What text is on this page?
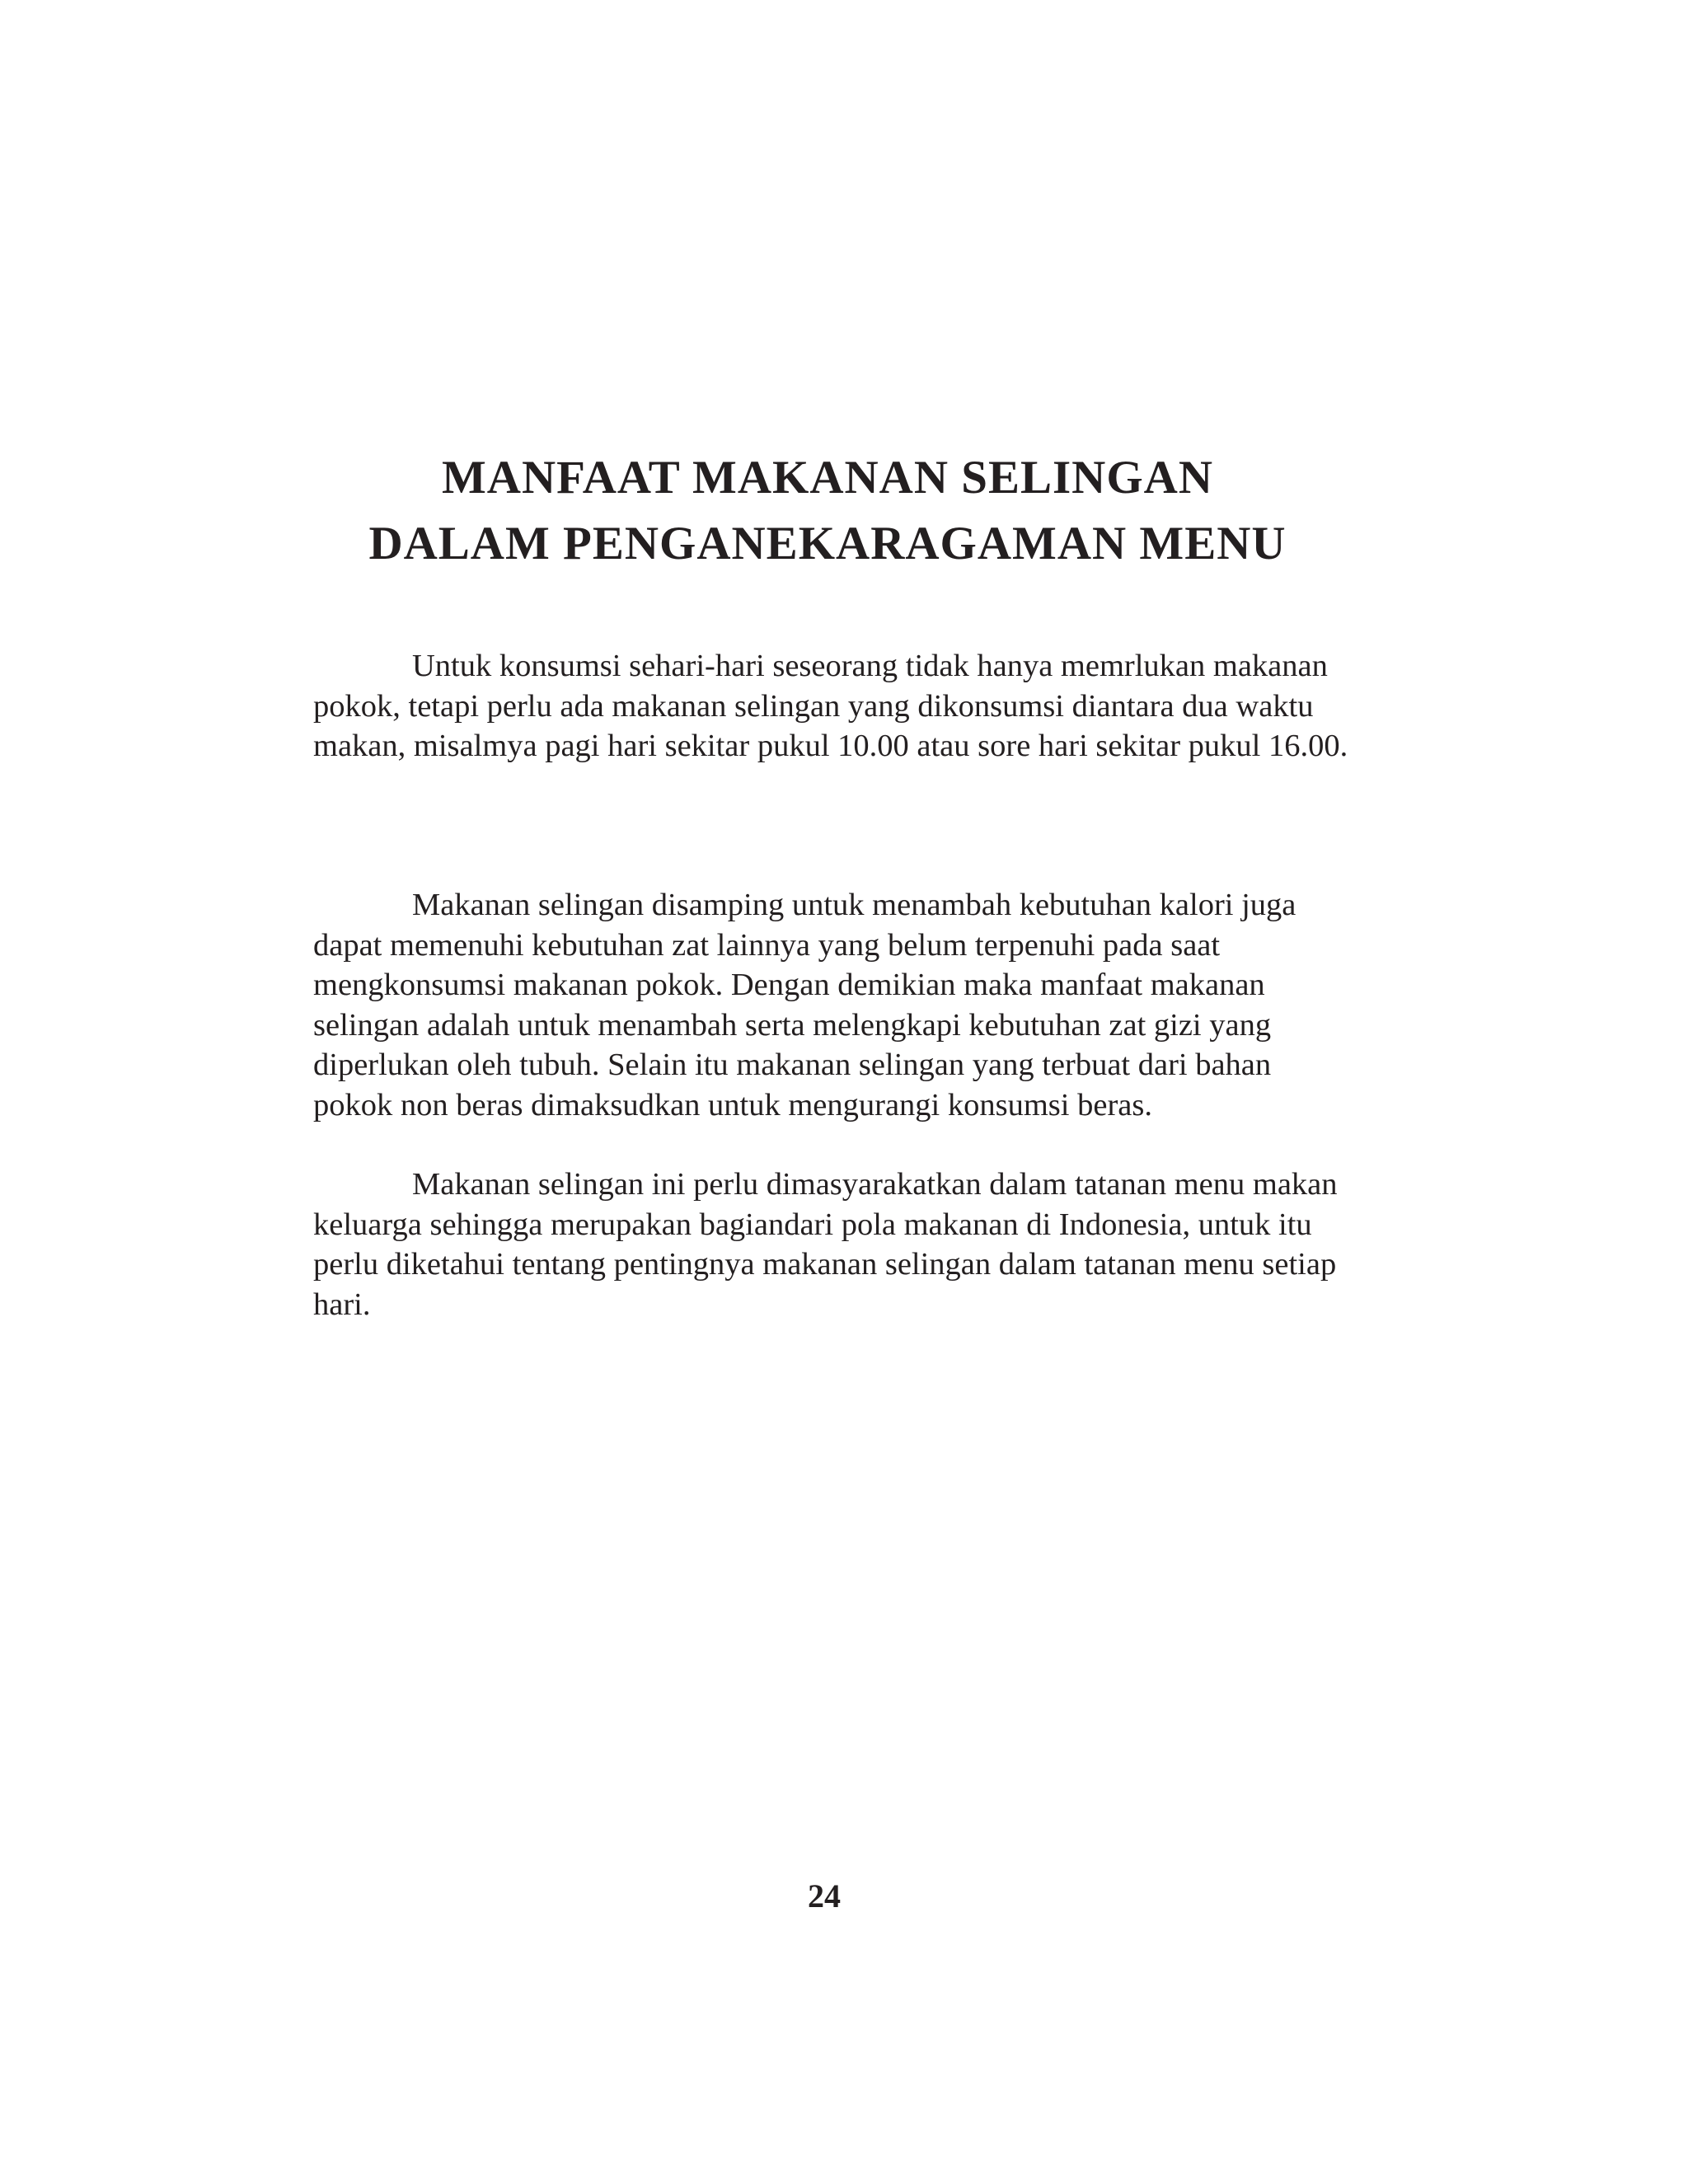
MANFAAT MAKANAN SELINGAN
DALAM PENGANEKARAGAMAN MENU

Untuk konsumsi sehari-hari seseorang tidak hanya memrlukan makanan pokok, tetapi perlu ada makanan selingan yang dikonsumsi diantara dua waktu makan, misalmya pagi hari sekitar pukul 10.00 atau sore hari sekitar pukul 16.00.

Makanan selingan disamping untuk menambah kebutuhan kalori juga dapat memenuhi kebutuhan zat lainnya yang belum terpenuhi pada saat mengkonsumsi makanan pokok. Dengan demikian maka manfaat makanan selingan adalah untuk menambah serta melengkapi kebutuhan zat gizi yang diperlukan oleh tubuh. Selain itu makanan selingan yang terbuat dari bahan pokok non beras dimaksudkan untuk mengurangi konsumsi beras.

Makanan selingan ini perlu dimasyarakatkan dalam tatanan menu makan keluarga sehingga merupakan bagiandari pola makanan di Indonesia, untuk itu perlu diketahui tentang pentingnya makanan selingan dalam tatanan menu setiap hari.

24
